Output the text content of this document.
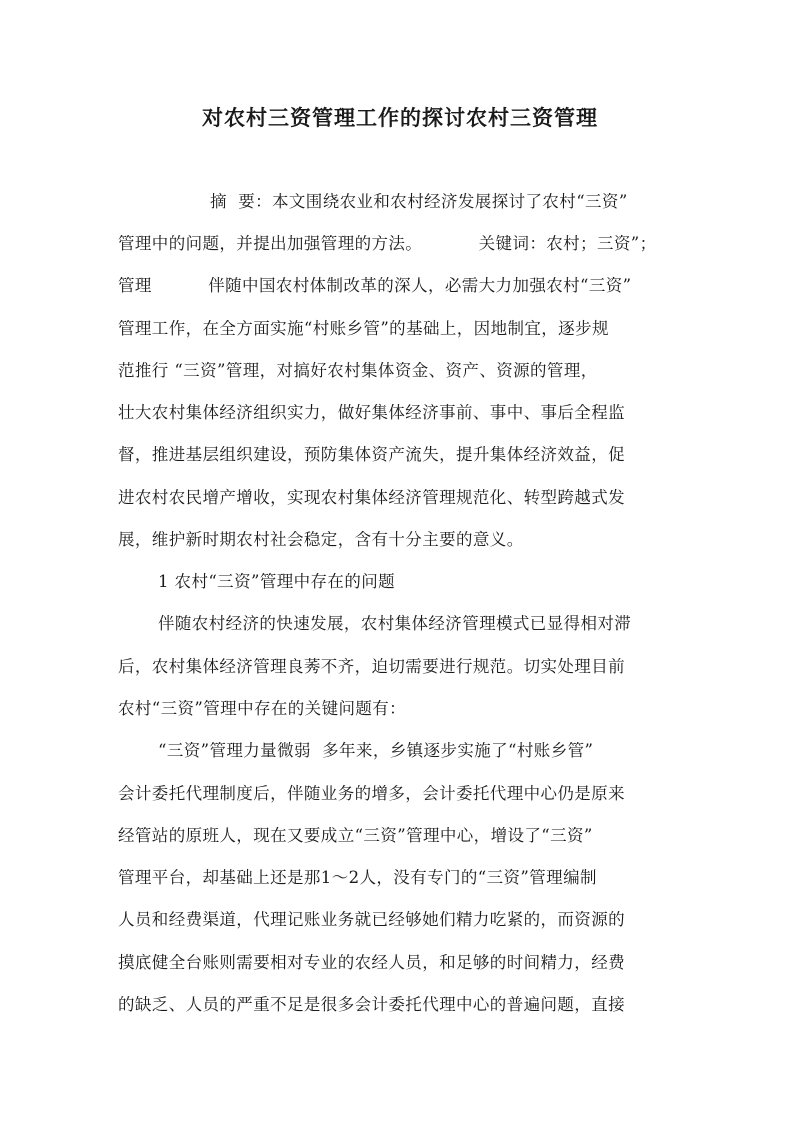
对农村三资管理工作的探讨农村三资管理
摘  要：本文围绕农业和农村经济发展探讨了农村“三资”
管理中的问题，并提出加强管理的方法。          关键词：农村；三资”；
管理          伴随中国农村体制改革的深人，必需大力加强农村“三资”
管理工作，在全方面实施“村账乡管”的基础上，因地制宜，逐步规
范推行 “三资”管理，对搞好农村集体资金、资产、资源的管理，
壮大农村集体经济组织实力，做好集体经济事前、事中、事后全程监
督，推进基层组织建设，预防集体资产流失，提升集体经济效益，促
进农村农民增产增收，实现农村集体经济管理规范化、转型跨越式发
展，维护新时期农村社会稳定，含有十分主要的意义。
1 农村“三资”管理中存在的问题
伴随农村经济的快速发展，农村集体经济管理模式已显得相对滞
后，农村集体经济管理良莠不齐，迫切需要进行规范。切实处理目前
农村“三资”管理中存在的关键问题有：
“三资”管理力量微弱  多年来，乡镇逐步实施了“村账乡管”
会计委托代理制度后，伴随业务的增多，会计委托代理中心仍是原来
经管站的原班人，现在又要成立“三资”管理中心，增设了“三资”
管理平台，却基础上还是那1～2人，没有专门的“三资”管理编制
人员和经费渠道，代理记账业务就已经够她们精力吃紧的，而资源的
摸底健全台账则需要相对专业的农经人员，和足够的时间精力，经费
的缺乏、人员的严重不足是很多会计委托代理中心的普遍问题，直接
